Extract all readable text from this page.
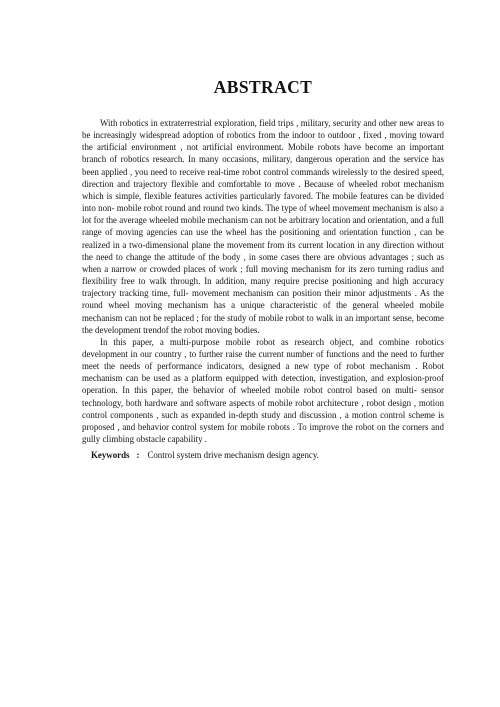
ABSTRACT

With robotics in extraterrestrial exploration, field trips , military, security and other new areas to be increasingly widespread adoption of robotics from the indoor to outdoor , fixed , moving toward the artificial environment , not artificial environment. Mobile robots have become an important branch of robotics research. In many occasions, military, dangerous operation and the service has been applied , you need to receive real-time robot control commands wirelessly to the desired speed, direction and trajectory flexible and comfortable to move . Because of wheeled robot mechanism which is simple, flexible features activities particularly favored. The mobile features can be divided into non- mobile robot round and round two kinds. The type of wheel movement mechanism is also a lot for the average wheeled mobile mechanism can not be arbitrary location and orientation, and a full range of moving agencies can use the wheel has the positioning and orientation function , can be realized in a two-dimensional plane the movement from its current location in any direction without the need to change the attitude of the body , in some cases there are obvious advantages ; such as when a narrow or crowded places of work ; full moving mechanism for its zero turning radius and flexibility free to walk through. In addition, many require precise positioning and high accuracy trajectory tracking time, full- movement mechanism can position their minor adjustments . As the round wheel moving mechanism has a unique characteristic of the general wheeled mobile mechanism can not be replaced ; for the study of mobile robot to walk in an important sense, become the development trendof the robot moving bodies.

In this paper, a multi-purpose mobile robot as research object, and combine robotics development in our country , to further raise the current number of functions and the need to further meet the needs of performance indicators, designed a new type of robot mechanism . Robot mechanism can be used as a platform equipped with detection, investigation, and explosion-proof operation. In this paper, the behavior of wheeled mobile robot control based on multi- sensor technology, both hardware and software aspects of mobile robot architecture , robot design , motion control components , such as expanded in-depth study and discussion , a motion control scheme is proposed , and behavior control system for mobile robots . To improve the robot on the corners and gully climbing obstacle capability .

Keywords : Control system drive mechanism design agency.
